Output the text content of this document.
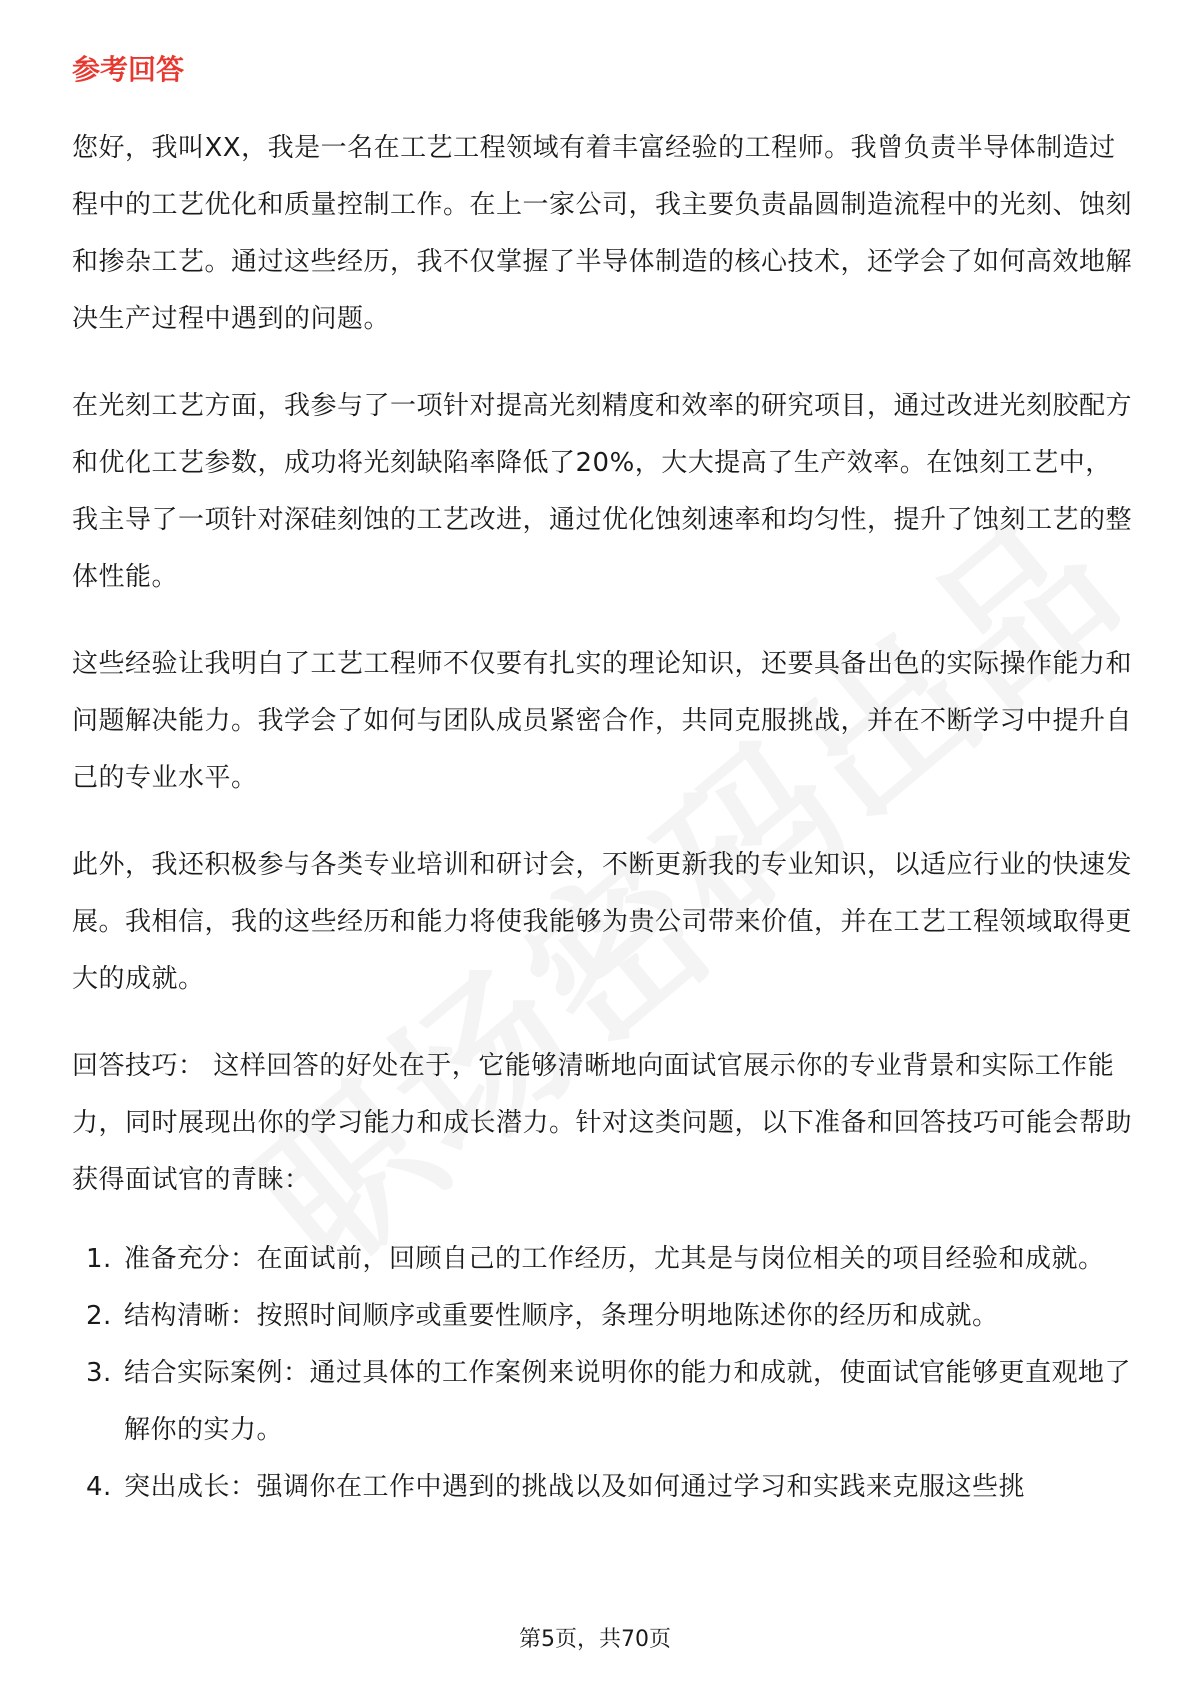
参考回答

您好，我叫XX，我是一名在工艺工程领域有着丰富经验的工程师。我曾负责半导体制造过程中的工艺优化和质量控制工作。在上一家公司，我主要负责晶圆制造流程中的光刻、蚀刻和掺杂工艺。通过这些经历，我不仅掌握了半导体制造的核心技术，还学会了如何高效地解决生产过程中遇到的问题。

在光刻工艺方面，我参与了一项针对提高光刻精度和效率的研究项目，通过改进光刻胶配方和优化工艺参数，成功将光刻缺陷率降低了20%，大大提高了生产效率。在蚀刻工艺中，我主导了一项针对深硅刻蚀的工艺改进，通过优化蚀刻速率和均匀性，提升了蚀刻工艺的整体性能。

这些经验让我明白了工艺工程师不仅要有扎实的理论知识，还要具备出色的实际操作能力和问题解决能力。我学会了如何与团队成员紧密合作，共同克服挑战，并在不断学习中提升自己的专业水平。

此外，我还积极参与各类专业培训和研讨会，不断更新我的专业知识，以适应行业的快速发展。我相信，我的这些经历和能力将使我能够为贵公司带来价值，并在工艺工程领域取得更大的成就。

回答技巧： 这样回答的好处在于，它能够清晰地向面试官展示你的专业背景和实际工作能力，同时展现出你的学习能力和成长潜力。针对这类问题，以下准备和回答技巧可能会帮助获得面试官的青睐：

1. 准备充分：在面试前，回顾自己的工作经历，尤其是与岗位相关的项目经验和成就。
2. 结构清晰：按照时间顺序或重要性顺序，条理分明地陈述你的经历和成就。
3. 结合实际案例：通过具体的工作案例来说明你的能力和成就，使面试官能够更直观地了解你的实力。
4. 突出成长：强调你在工作中遇到的挑战以及如何通过学习和实践来克服这些挑
第5页，共70页
